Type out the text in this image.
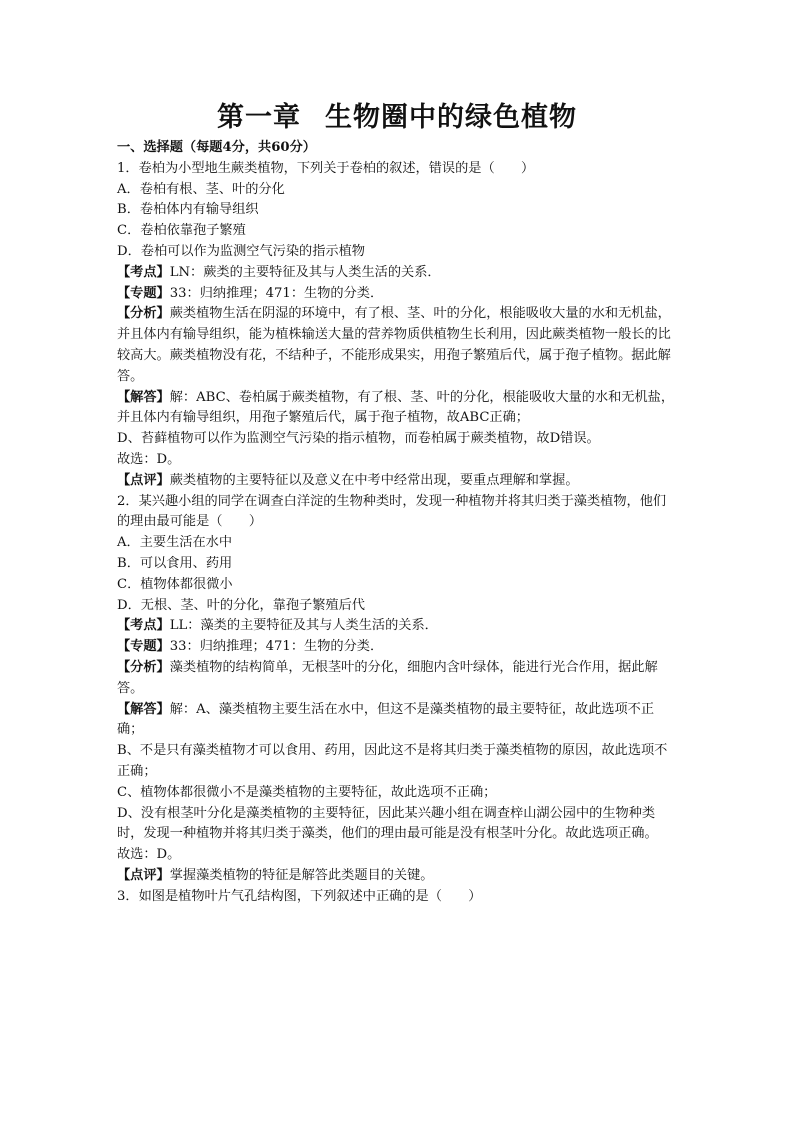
第一章 生物圈中的绿色植物
一、选择题（每题4分，共60分）
1．卷柏为小型地生蕨类植物，下列关于卷柏的叙述，错误的是（　　）
A．卷柏有根、茎、叶的分化
B．卷柏体内有输导组织
C．卷柏依靠孢子繁殖
D．卷柏可以作为监测空气污染的指示植物
【考点】LN：蕨类的主要特征及其与人类生活的关系．
【专题】33：归纳推理；471：生物的分类．
【分析】蕨类植物生活在阴湿的环境中，有了根、茎、叶的分化，根能吸收大量的水和无机盐，并且体内有输导组织，能为植株输送大量的营养物质供植物生长利用，因此蕨类植物一般长的比较高大。蕨类植物没有花，不结种子，不能形成果实，用孢子繁殖后代，属于孢子植物。据此解答。
【解答】解：ABC、卷柏属于蕨类植物，有了根、茎、叶的分化，根能吸收大量的水和无机盐，并且体内有输导组织，用孢子繁殖后代，属于孢子植物，故ABC正确；
D、苔藓植物可以作为监测空气污染的指示植物，而卷柏属于蕨类植物，故D错误。
故选：D。
【点评】蕨类植物的主要特征以及意义在中考中经常出现，要重点理解和掌握。
2．某兴趣小组的同学在调查白洋淀的生物种类时，发现一种植物并将其归类于藻类植物，他们的理由最可能是（　　）
A．主要生活在水中
B．可以食用、药用
C．植物体都很微小
D．无根、茎、叶的分化，靠孢子繁殖后代
【考点】LL：藻类的主要特征及其与人类生活的关系．
【专题】33：归纳推理；471：生物的分类．
【分析】藻类植物的结构简单，无根茎叶的分化，细胞内含叶绿体，能进行光合作用，据此解答。
【解答】解：A、藻类植物主要生活在水中，但这不是藻类植物的最主要特征，故此选项不正确；
B、不是只有藻类植物才可以食用、药用，因此这不是将其归类于藻类植物的原因，故此选项不正确；
C、植物体都很微小不是藻类植物的主要特征，故此选项不正确；
D、没有根茎叶分化是藻类植物的主要特征，因此某兴趣小组在调查梓山湖公园中的生物种类时，发现一种植物并将其归类于藻类，他们的理由最可能是没有根茎叶分化。故此选项正确。
故选：D。
【点评】掌握藻类植物的特征是解答此类题目的关键。
3．如图是植物叶片气孔结构图，下列叙述中正确的是（　　）
